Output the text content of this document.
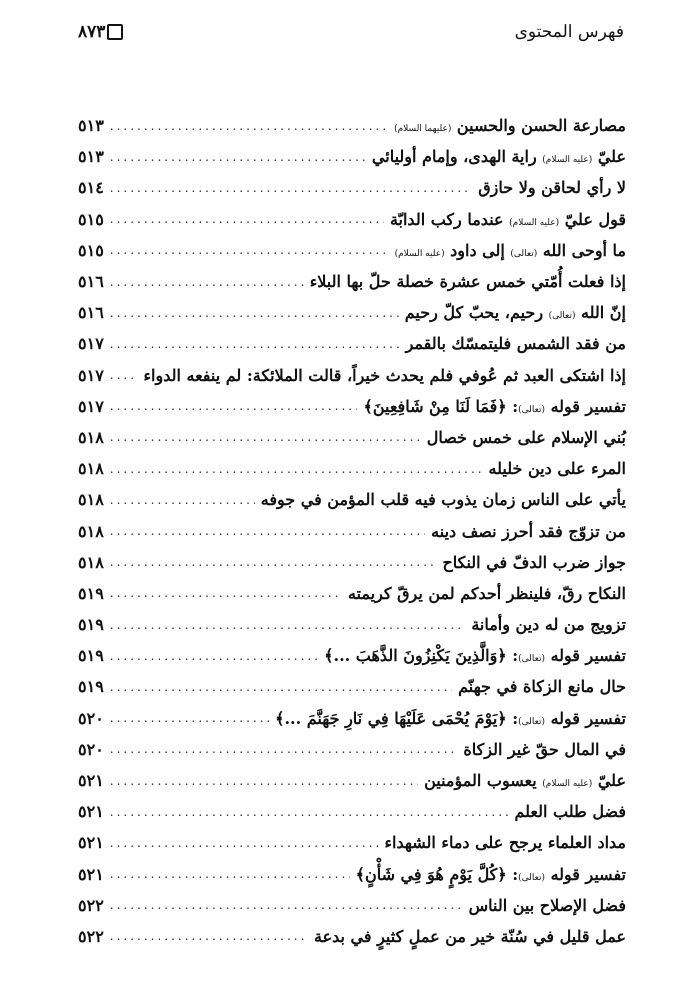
فهرس المحتوى
٨٧٣
مصارعة الحسن والحسين (عليهما السلام)
.....
٥١٣
عليّ (عليه السلام) راية الهدى، وإمام أوليائي
.....
٥١٣
لا رأي لحاقن ولا حازق
.....
٥١٤
قول عليّ (عليه السلام) عندما ركب الدابّة
.....
٥١٥
ما أوحى الله (تعالى) إلى داود (عليه السلام)
.....
٥١٥
إذا فعلت أُمّتي خمس عشرة خصلة حلّ بها البلاء
.....
٥١٦
إنّ الله (تعالى) رحيم، يحبّ كلّ رحيم
.....
٥١٦
من فقد الشمس فليتمسّك بالقمر
.....
٥١٧
إذا اشتكى العبد ثم عُوفي فلم يحدث خيراً، قالت الملائكة: لم ينفعه الدواء
.....
٥١٧
تفسير قوله (تعالى): ﴿فَمَا لَنَا مِنْ شَافِعِينَ﴾
.....
٥١٧
بُني الإسلام على خمس خصال
.....
٥١٨
المرء على دين خليله
.....
٥١٨
يأتي على الناس زمان يذوب فيه قلب المؤمن في جوفه
.....
٥١٨
من تزوّج فقد أحرز نصف دينه
.....
٥١٨
جواز ضرب الدفّ في النكاح
.....
٥١٨
النكاح رقّ، فلينظر أحدكم لمن يرقّ كريمته
.....
٥١٩
تزويج من له دين وأمانة
.....
٥١٩
تفسير قوله (تعالى): ﴿وَالَّذِينَ يَكْنِزُونَ الذَّهَبَ ...﴾
.....
٥١٩
حال مانع الزكاة في جهنّم
.....
٥١٩
تفسير قوله (تعالى): ﴿يَوْمَ يُحْمَى عَلَيْهَا فِي نَارِ جَهَنَّمَ ...﴾
.....
٥٢٠
في المال حقّ غير الزكاة
.....
٥٢٠
عليّ (عليه السلام) يعسوب المؤمنين
.....
٥٢١
فضل طلب العلم
.....
٥٢١
مداد العلماء يرجح على دماء الشهداء
.....
٥٢١
تفسير قوله (تعالى): ﴿كُلَّ يَوْمٍ هُوَ فِي شَأْنٍ﴾
.....
٥٢١
فضل الإصلاح بين الناس
.....
٥٢٢
عمل قليل في سُنّة خير من عملٍ كثيرٍ في بدعة
.....
٥٢٢
